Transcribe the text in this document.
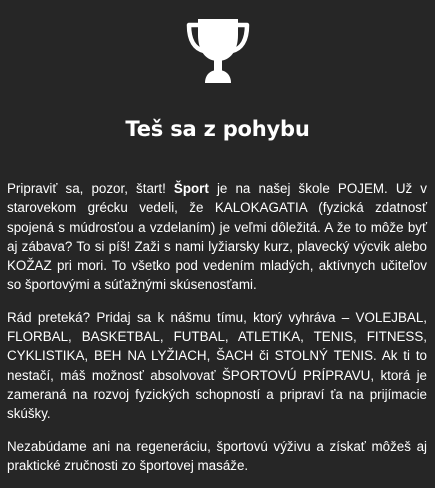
Teš sa z pohybu

Pripraviť sa, pozor, štart! Šport je na našej škole POJEM. Už v starovekom grécku vedeli, že KALOKAGATIA (fyzická zdatnosť spojená s múdrosťou a vzdelaním) je veľmi dôležitá. A že to môže byť aj zábava? To si píš! Zaži s nami lyžiarsky kurz, plavecký výcvik alebo KOŽAZ pri mori. To všetko pod vedením mladých, aktívnych učiteľov so športovými a súťažnými skúsenosťami.

Rád preteká? Pridaj sa k nášmu tímu, ktorý vyhráva – VOLEJBAL, FLORBAL, BASKETBAL, FUTBAL, ATLETIKA, TENIS, FITNESS, CYKLISTIKA, BEH NA LYŽIACH, ŠACH či STOLNÝ TENIS. Ak ti to nestačí, máš možnosť absolvovať ŠPORTOVÚ PRÍPRAVU, ktorá je zameraná na rozvoj fyzických schopností a pripraví ťa na prijímacie skúšky.

Nezabúdame ani na regeneráciu, športovú výživu a získať môžeš aj praktické zručnosti zo športovej masáže.
